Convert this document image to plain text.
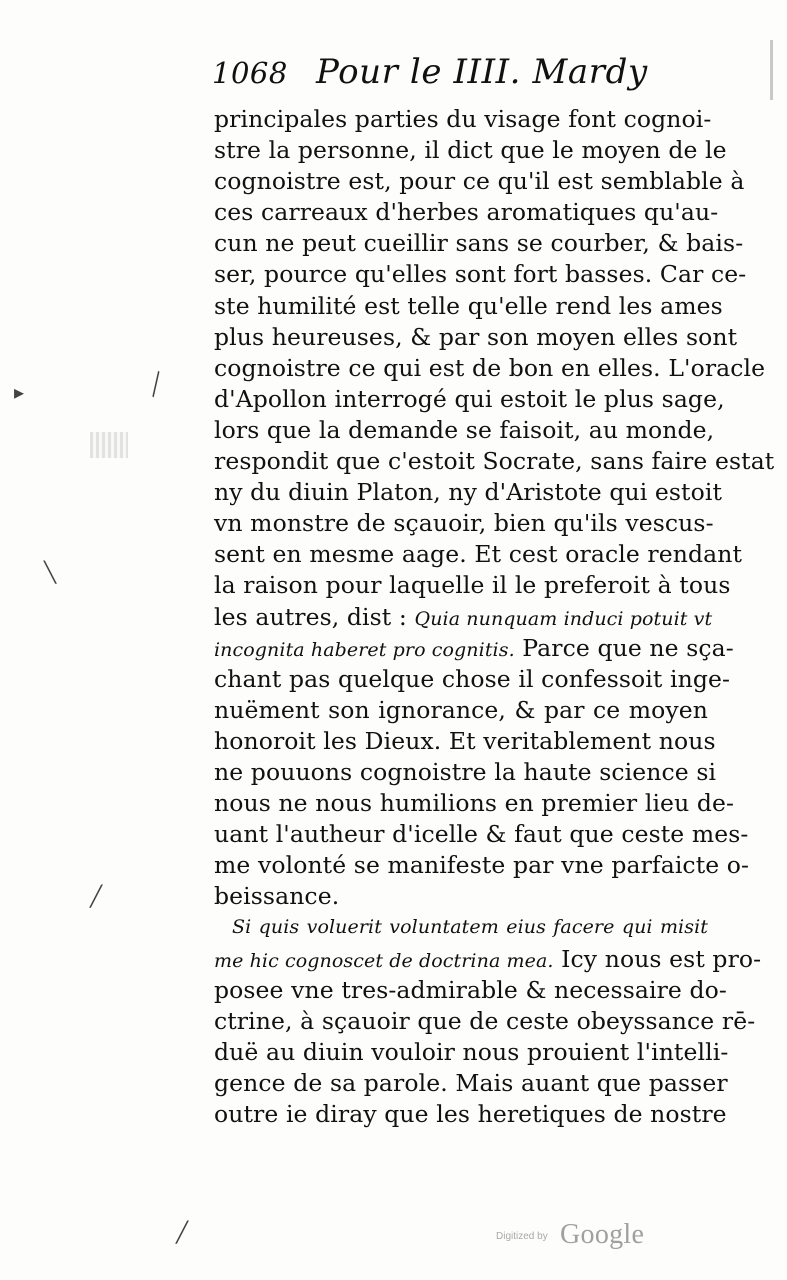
▸	╲
╲
╱
╱
1068 Pour le IIII. Mardy
principales parties du visage font cognoi-
stre la personne, il dict que le moyen de le
cognoistre est, pour ce qu'il est semblable à
ces carreaux d'herbes aromatiques qu'au-
cun ne peut cueillir sans se courber, & bais-
ser, pource qu'elles sont fort basses. Car ce-
ste humilité est telle qu'elle rend les ames
plus heureuses, & par son moyen elles sont
cognoistre ce qui est de bon en elles. L'oracle
d'Apollon interrogé qui estoit le plus sage,
lors que la demande se faisoit, au monde,
respondit que c'estoit Socrate, sans faire estat
ny du diuin Platon, ny d'Aristote qui estoit
vn monstre de sçauoir, bien qu'ils vescus-
sent en mesme aage. Et cest oracle rendant
la raison pour laquelle il le preferoit à tous
les autres, dist : Quia nunquam induci potuit vt
incognita haberet pro cognitis. Parce que ne sça-
chant pas quelque chose il confessoit inge-
nuëment son ignorance, & par ce moyen
honoroit les Dieux. Et veritablement nous
ne pouuons cognoistre la haute science si
nous ne nous humilions en premier lieu de-
uant l'autheur d'icelle & faut que ceste mes-
me volonté se manifeste par vne parfaicte o-
beissance.
Si quis voluerit voluntatem eius facere qui misit
me hic cognoscet de doctrina mea. Icy nous est pro-
posee vne tres-admirable & necessaire do-
ctrine, à sçauoir que de ceste obeyssance rē-
duë au diuin vouloir nous prouient l'intelli-
gence de sa parole. Mais auant que passer
outre ie diray que les heretiques de nostre
Digitized by Google
